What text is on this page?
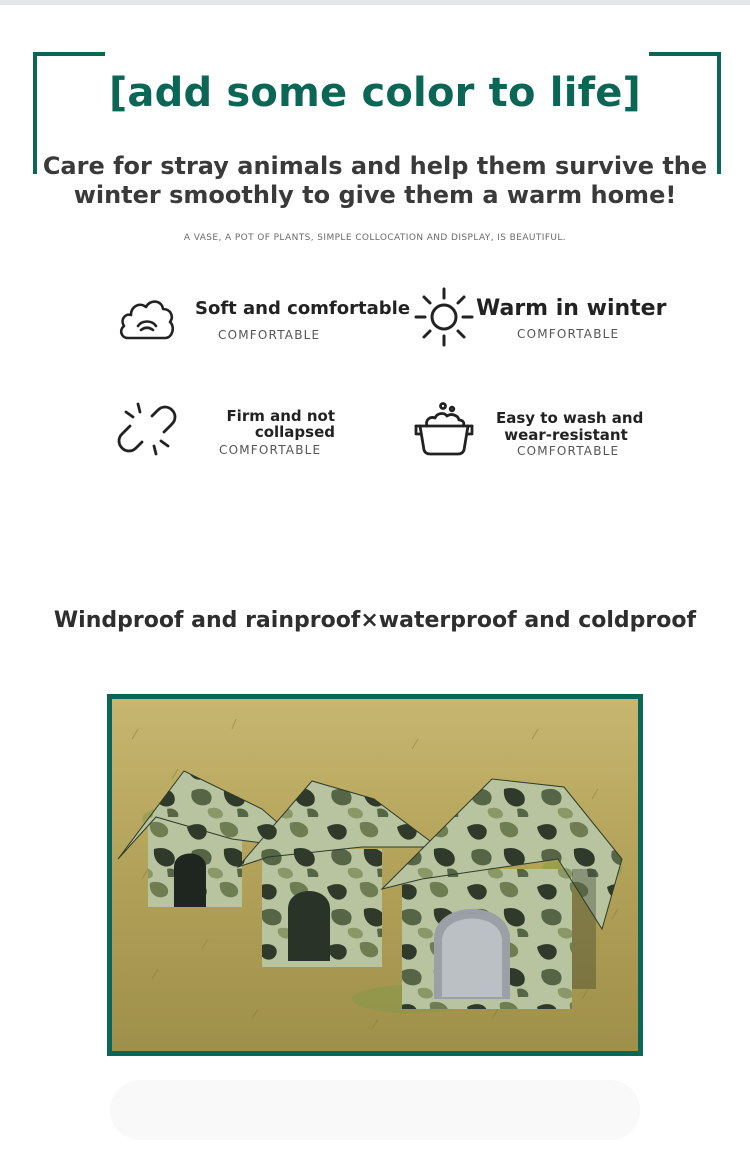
[add some color to life]
Care for stray animals and help them survive the
winter smoothly to give them a warm home!
A VASE, A POT OF PLANTS, SIMPLE COLLOCATION AND DISPLAY, IS BEAUTIFUL.
Soft and comfortable
COMFORTABLE
Warm in winter
COMFORTABLE
Firm and not
collapsed
COMFORTABLE
Easy to wash and
wear-resistant
COMFORTABLE
Windproof and rainproof×waterproof and coldproof
